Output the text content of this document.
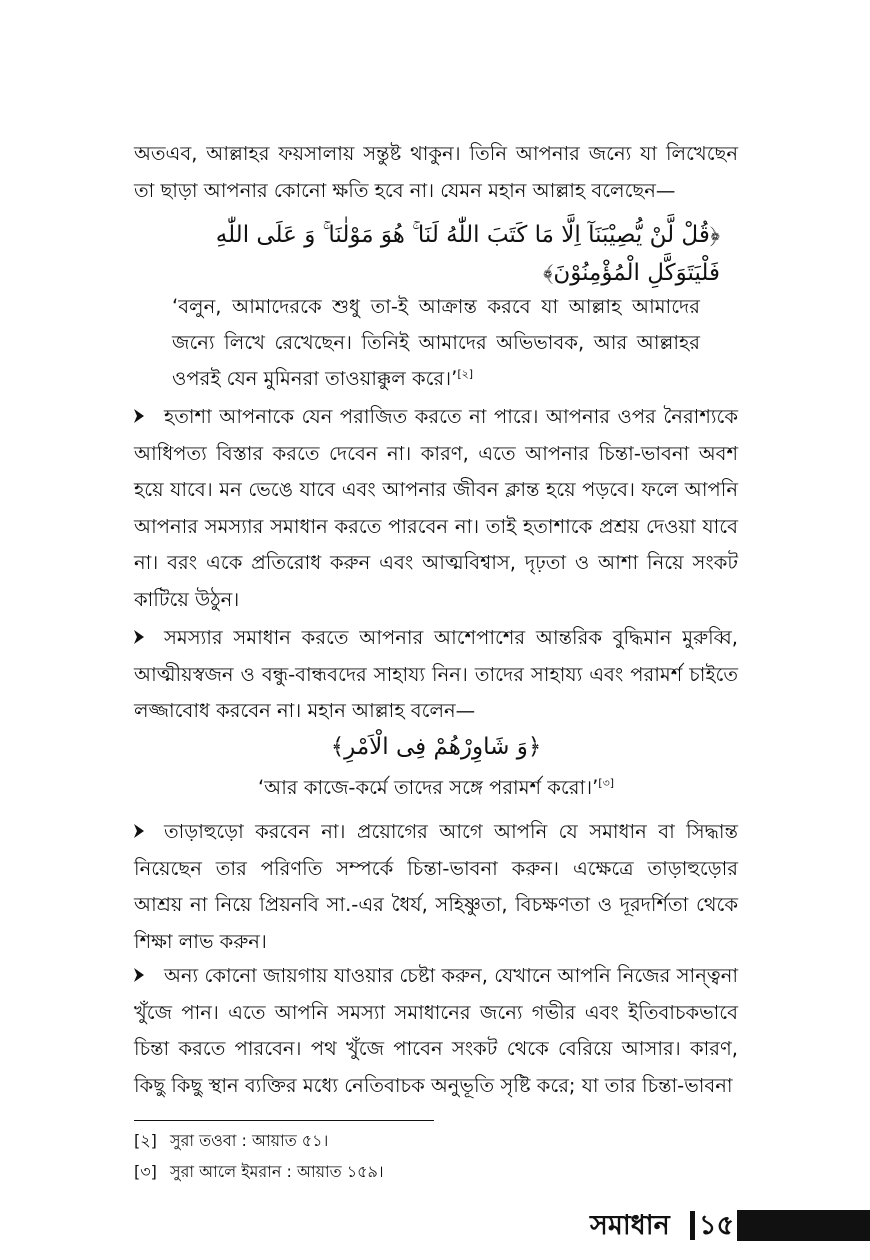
অতএব, আল্লাহর ফয়সালায় সন্তুষ্ট থাকুন। তিনি আপনার জন্যে যা লিখেছেন তা ছাড়া আপনার কোনো ক্ষতি হবে না। যেমন মহান আল্লাহ বলেছেন—

﴿قُلْ لَّنْ يُّصِيْبَنَآ اِلَّا مَا كَتَبَ اللّٰهُ لَنَا ۚ هُوَ مَوْلٰنَا ۚ وَ عَلَى اللّٰهِ فَلْيَتَوَكَّلِ الْمُؤْمِنُوْنَ﴾

‘বলুন, আমাদেরকে শুধু তা-ই আক্রান্ত করবে যা আল্লাহ আমাদের জন্যে লিখে রেখেছেন। তিনিই আমাদের অভিভাবক, আর আল্লাহর ওপরই যেন মুমিনরা তাওয়াক্কুল করে।’[২]

হতাশা আপনাকে যেন পরাজিত করতে না পারে। আপনার ওপর নৈরাশ্যকে আধিপত্য বিস্তার করতে দেবেন না। কারণ, এতে আপনার চিন্তা-ভাবনা অবশ হয়ে যাবে। মন ভেঙে যাবে এবং আপনার জীবন ক্লান্ত হয়ে পড়বে। ফলে আপনি আপনার সমস্যার সমাধান করতে পারবেন না। তাই হতাশাকে প্রশ্রয় দেওয়া যাবে না। বরং একে প্রতিরোধ করুন এবং আত্মবিশ্বাস, দৃঢ়তা ও আশা নিয়ে সংকট কাটিয়ে উঠুন।

সমস্যার সমাধান করতে আপনার আশেপাশের আন্তরিক বুদ্ধিমান মুরুব্বি, আত্মীয়স্বজন ও বন্ধু-বান্ধবদের সাহায্য নিন। তাদের সাহায্য এবং পরামর্শ চাইতে লজ্জাবোধ করবেন না। মহান আল্লাহ বলেন—

﴿وَ شَاوِرْهُمْ فِى الْاَمْرِ﴾

‘আর কাজে-কর্মে তাদের সঙ্গে পরামর্শ করো।’[৩]

তাড়াহুড়ো করবেন না। প্রয়োগের আগে আপনি যে সমাধান বা সিদ্ধান্ত নিয়েছেন তার পরিণতি সম্পর্কে চিন্তা-ভাবনা করুন। এক্ষেত্রে তাড়াহুড়োর আশ্রয় না নিয়ে প্রিয়নবি সা.-এর ধৈর্য, সহিষ্ণুতা, বিচক্ষণতা ও দূরদর্শিতা থেকে শিক্ষা লাভ করুন।

অন্য কোনো জায়গায় যাওয়ার চেষ্টা করুন, যেখানে আপনি নিজের সান্ত্বনা খুঁজে পান। এতে আপনি সমস্যা সমাধানের জন্যে গভীর এবং ইতিবাচকভাবে চিন্তা করতে পারবেন। পথ খুঁজে পাবেন সংকট থেকে বেরিয়ে আসার। কারণ, কিছু কিছু স্থান ব্যক্তির মধ্যে নেতিবাচক অনুভূতি সৃষ্টি করে; যা তার চিন্তা-ভাবনা

[২] সুরা তওবা : আয়াত ৫১।

[৩] সুরা আলে ইমরান : আয়াত ১৫৯।

সমাধান ১৫
